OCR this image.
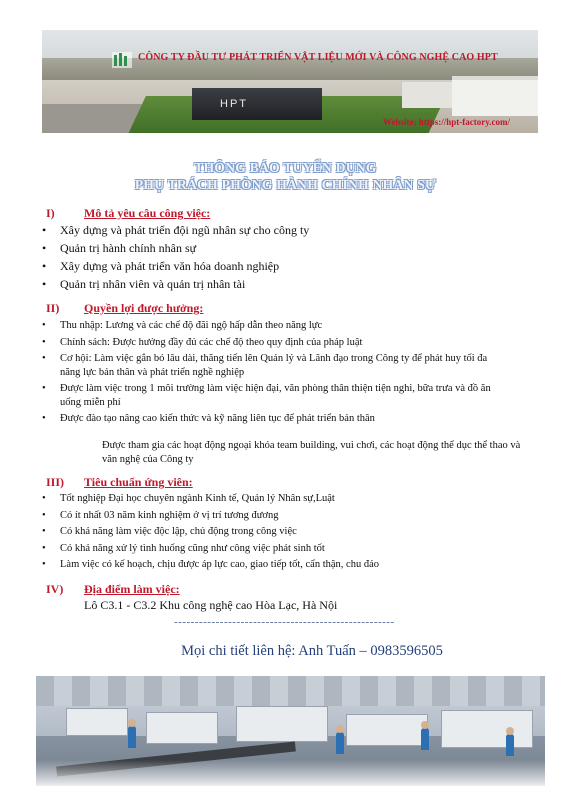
HPT
CÔNG TY ĐẦU TƯ PHÁT TRIỂN VẬT LIỆU MỚI VÀ CÔNG NGHỆ CAO HPT
Website: https://hpt-factory.com/
THÔNG BÁO TUYỂN DỤNG
PHỤ TRÁCH PHÒNG HÀNH CHÍNH NHÂN SỰ
I) Mô tả yêu câu công việc:
• Xây dựng và phát triển đội ngũ nhân sự cho công ty
• Quản trị hành chính nhân sự
• Xây dựng và phát triển văn hóa doanh nghiệp
• Quản trị nhân viên và quản trị nhân tài
II) Quyền lợi được hưởng:
• Thu nhập: Lương và các chế độ đãi ngộ hấp dẫn theo năng lực
• Chính sách: Được hưởng đầy đủ các chế độ theo quy định của pháp luật
• Cơ hội: Làm việc gắn bó lâu dài, thăng tiến lên Quản lý và Lãnh đạo trong Công ty để phát huy tối đa năng lực bản thân và phát triển nghề nghiệp
• Được làm việc trong 1 môi trường làm việc hiện đại, văn phòng thân thiện tiện nghi, bữa trưa và đồ ăn uống miễn phí
• Được đào tạo nâng cao kiến thức và kỹ năng liên tục để phát triển bản thân
Được tham gia các hoạt động ngoại khóa team building, vui chơi, các hoạt động thể dục thể thao và văn nghệ của Công ty
III) Tiêu chuẩn ứng viên:
• Tốt nghiệp Đại học chuyên ngành Kinh tế, Quản lý Nhân sự,Luật
• Có ít nhất 03 năm kinh nghiệm ở vị trí tương đương
• Có khả năng làm việc độc lập, chủ động trong công việc
• Có khả năng xử lý tình huống cũng như công việc phát sinh tốt
• Làm việc có kế hoạch, chịu được áp lực cao, giao tiếp tốt, cẩn thận, chu đáo
IV) Địa điểm làm việc:
Lô C3.1 - C3.2 Khu công nghệ cao Hòa Lạc, Hà Nội
-----------------------------------------------------
Mọi chi tiết liên hệ: Anh Tuấn – 0983596505
